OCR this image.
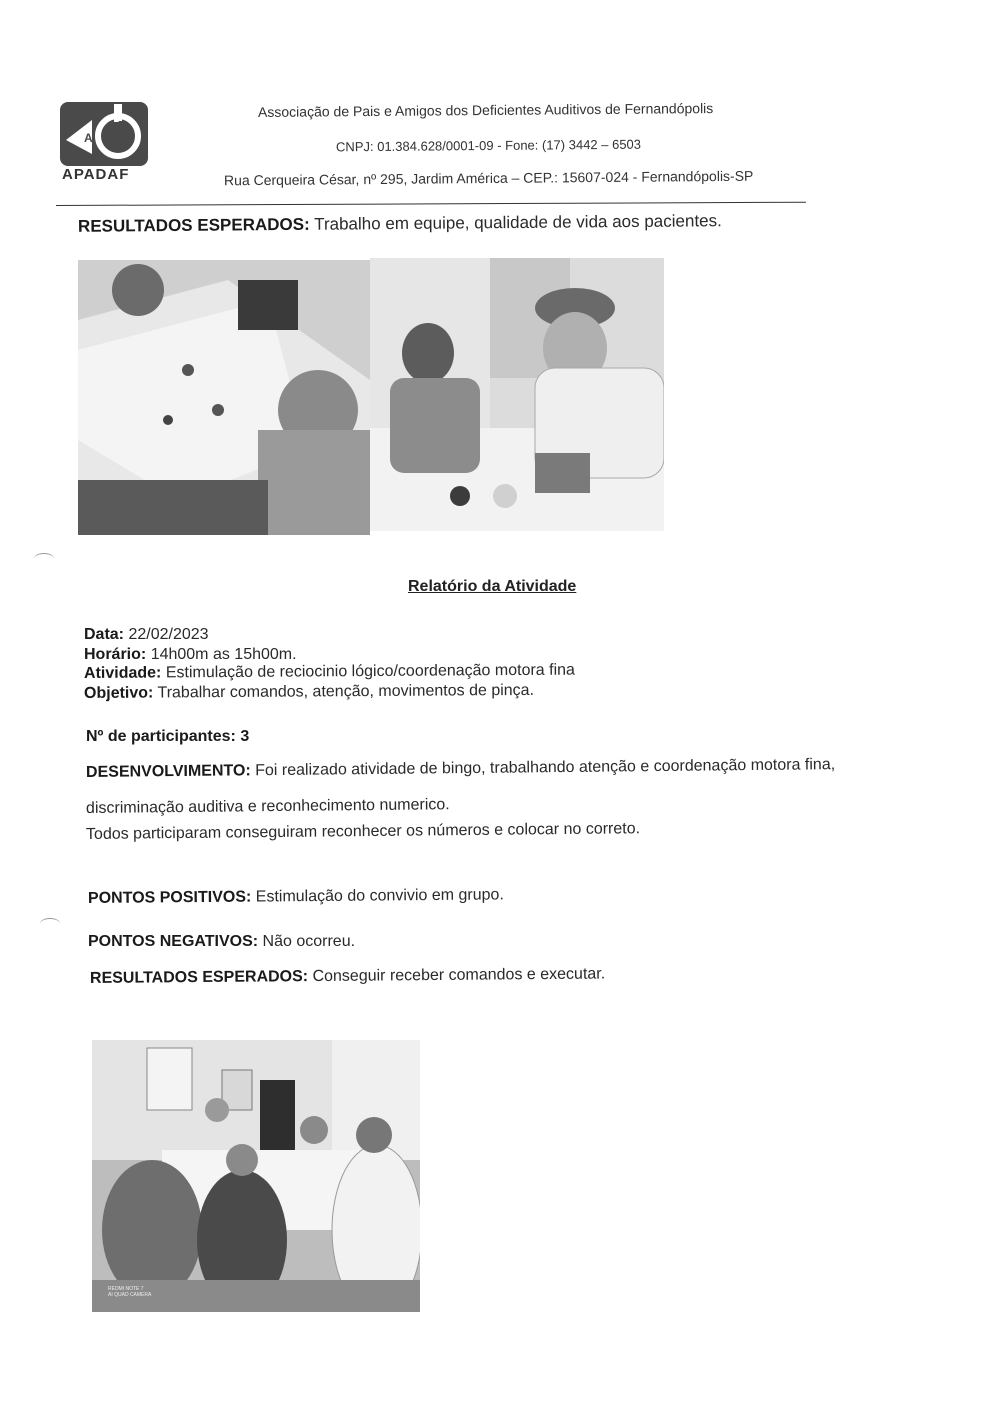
A
D
APADAF
Associação de Pais e Amigos dos Deficientes Auditivos de Fernandópolis
CNPJ: 01.384.628/0001-09 - Fone: (17) 3442 – 6503
Rua Cerqueira César, nº 295, Jardim América – CEP.: 15607-024 - Fernandópolis-SP
RESULTADOS ESPERADOS: Trabalho em equipe, qualidade de vida aos pacientes.
Relatório da Atividade
Data: 22/02/2023
Horário: 14h00m as 15h00m.
Atividade: Estimulação de reciocinio lógico/coordenação motora fina
Objetivo: Trabalhar comandos, atenção, movimentos de pinça.
Nº de participantes: 3
DESENVOLVIMENTO: Foi realizado atividade de bingo, trabalhando atenção e coordenação motora fina,
discriminação auditiva e reconhecimento numerico.
Todos participaram conseguiram reconhecer os números e colocar no correto.
PONTOS POSITIVOS: Estimulação do convivio em grupo.
PONTOS NEGATIVOS: Não ocorreu.
RESULTADOS ESPERADOS: Conseguir receber comandos e executar.
REDMI NOTE 7
AI QUAD CAMERA
